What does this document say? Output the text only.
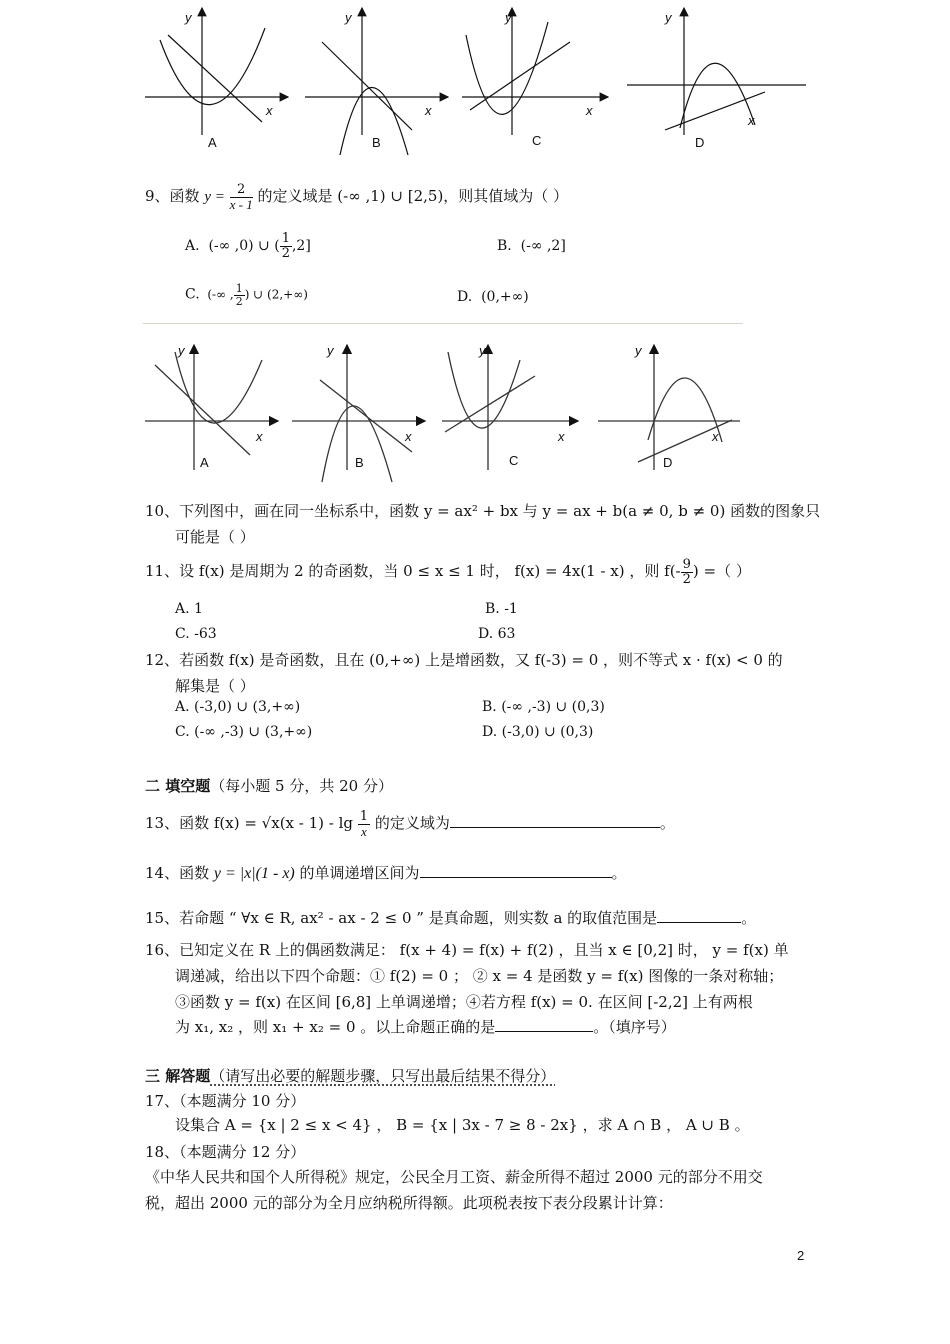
y
x
A
y
x
B
y
x
C
y
x
D
9、函数 $y = \frac{2}{x - 1}$ 的定义域是 (-∞ ,1) ∪ [2,5)，则其值域为（ ）
A. (-∞ ,0) ∪ ( $\frac{1}{2} ,2$]	B. (-∞ ,2]
C. (-∞ , $\frac{1}{2}$ ) ∪ (2,+∞)	D. (0,+∞)
y
x
A
y
x
B
y
x
C
y
x
D
10、下列图中，画在同一坐标系中，函数 y = ax² + bx 与 y = ax + b(a ≠ 0, b ≠ 0) 函数的图象只
可能是（ ）
11、设 f(x) 是周期为 2 的奇函数，当 0 ≤ x ≤ 1 时， f(x) = 4x(1 - x) ，则 $f(- \frac{9}{2}$ ) =（ ）
A. 1	B. -1
C. -63	D. 63
12、若函数 f(x) 是奇函数，且在 (0,+∞) 上是增函数，又 f(-3) = 0 ，则不等式 x · f(x) < 0 的
解集是（ ）
A. (-3,0) ∪ (3,+∞)	B. (-∞ ,-3) ∪ (0,3)
C. (-∞ ,-3) ∪ (3,+∞)	D. (-3,0) ∪ (0,3)
二 填空题（每小题 5 分，共 20 分）
13、函数 $f(x) = √x(x - 1) - \lg \frac{1}{x}$ 的定义域为	。
14、函数 y = |x|(1 - x) 的单调递增区间为	。
15、若命题 “ ∀x ∈ R, ax² - ax - 2 ≤ 0 ” 是真命题，则实数 a 的取值范围是	。
16、已知定义在 R 上的偶函数满足： f(x + 4) = f(x) + f(2) ，且当 x ∈ [0,2] 时， y = f(x) 单
调递减，给出以下四个命题：① f(2) = 0 ； ② x = 4 是函数 y = f(x) 图像的一条对称轴；
③函数 y = f(x) 在区间 [6,8] 上单调递增；④若方程 f(x) = 0. 在区间 [-2,2] 上有两根
为 x₁, x₂ ，则 x₁ + x₂ = 0 。以上命题正确的是	。（填序号）
三 解答题（请写出必要的解题步骤，只写出最后结果不得分）
17、（本题满分 10 分）
设集合 A = {x | 2 ≤ x < 4} ， B = {x | 3x - 7 ≥ 8 - 2x} ，求 A ∩ B ， A ∪ B 。
18、（本题满分 12 分）
《中华人民共和国个人所得税》规定，公民全月工资、薪金所得不超过 2000 元的部分不用交
税，超出 2000 元的部分为全月应纳税所得额。此项税表按下表分段累计计算：
2
